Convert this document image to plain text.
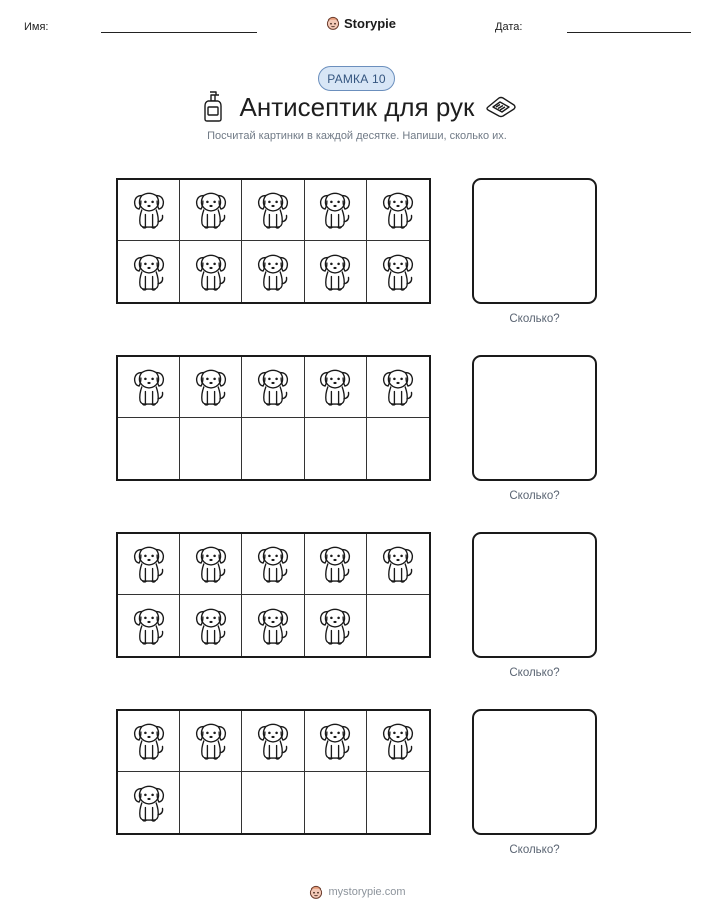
Имя:	Storypie	Дата:
РАМКА 10
Антисептик для рук
Посчитай картинки в каждой десятке. Напиши, сколько их.
Сколько?
Сколько?
Сколько?
Сколько?
mystorypie.com
